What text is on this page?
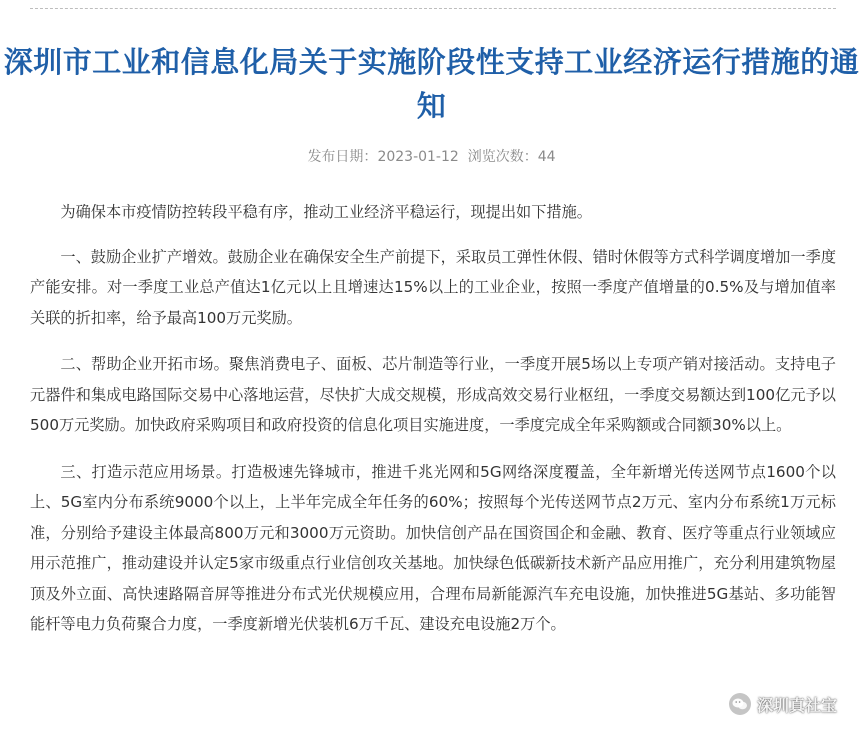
深圳市工业和信息化局关于实施阶段性支持工业经济运行措施的通知
发布日期：2023-01-12 浏览次数：44

为确保本市疫情防控转段平稳有序，推动工业经济平稳运行，现提出如下措施。

一、鼓励企业扩产增效。鼓励企业在确保安全生产前提下，采取员工弹性休假、错时休假等方式科学调度增加一季度产能安排。对一季度工业总产值达1亿元以上且增速达15%以上的工业企业，按照一季度产值增量的0.5%及与增加值率关联的折扣率，给予最高100万元奖励。

二、帮助企业开拓市场。聚焦消费电子、面板、芯片制造等行业，一季度开展5场以上专项产销对接活动。支持电子元器件和集成电路国际交易中心落地运营，尽快扩大成交规模，形成高效交易行业枢纽，一季度交易额达到100亿元予以500万元奖励。加快政府采购项目和政府投资的信息化项目实施进度，一季度完成全年采购额或合同额30%以上。

三、打造示范应用场景。打造极速先锋城市，推进千兆光网和5G网络深度覆盖，全年新增光传送网节点1600个以上、5G室内分布系统9000个以上，上半年完成全年任务的60%；按照每个光传送网节点2万元、室内分布系统1万元标准，分别给予建设主体最高800万元和3000万元资助。加快信创产品在国资国企和金融、教育、医疗等重点行业领域应用示范推广，推动建设并认定5家市级重点行业信创攻关基地。加快绿色低碳新技术新产品应用推广，充分利用建筑物屋顶及外立面、高快速路隔音屏等推进分布式光伏规模应用，合理布局新能源汽车充电设施，加快推进5G基站、多功能智能杆等电力负荷聚合力度，一季度新增光伏装机6万千瓦、建设充电设施2万个。

深圳真社宝
